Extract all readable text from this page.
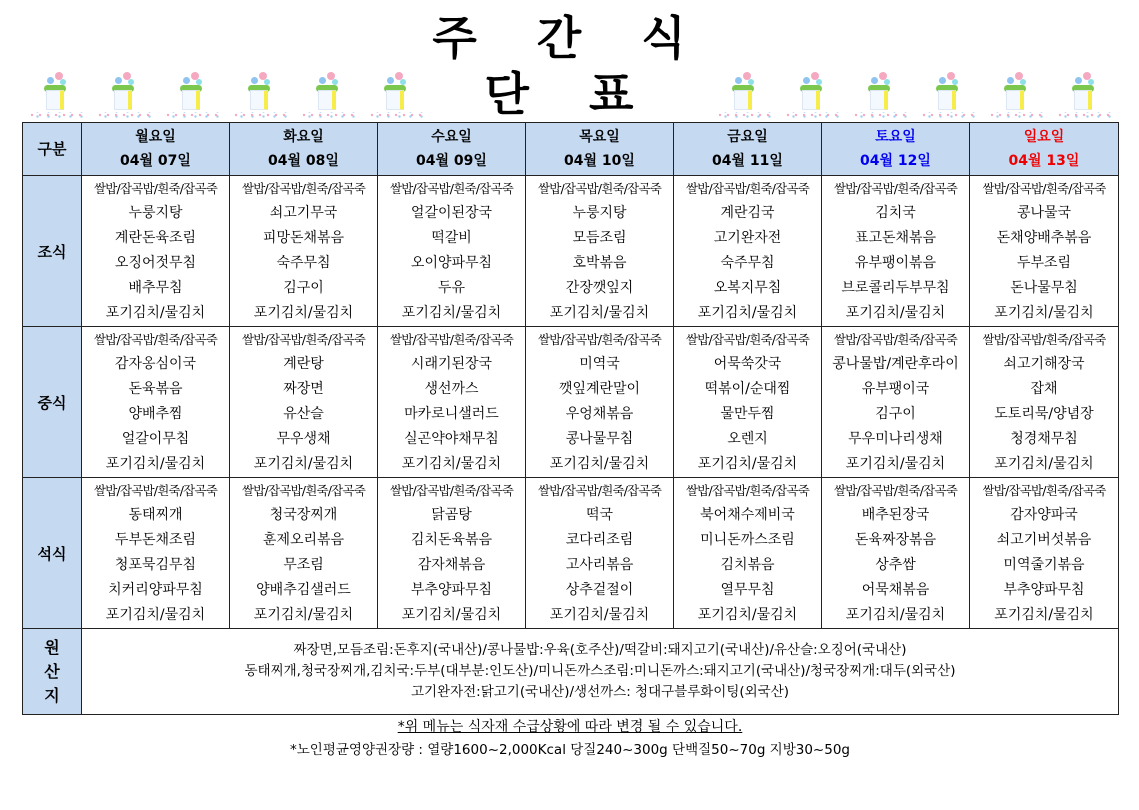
주 간 식 단 표
구분	
월요일
04월 07일

화요일
04월 08일

수요일
04월 09일

목요일
04월 10일

금요일
04월 11일

토요일
04월 12일

일요일
04월 13일

조식	
쌀밥/잡곡밥/흰죽/잡곡죽
누룽지탕
계란돈육조림
오징어젓무침
배추무침
포기김치/물김치

쌀밥/잡곡밥/흰죽/잡곡죽
쇠고기무국
피망돈채볶음
숙주무침
김구이
포기김치/물김치

쌀밥/잡곡밥/흰죽/잡곡죽
얼갈이된장국
떡갈비
오이양파무침
두유
포기김치/물김치

쌀밥/잡곡밥/흰죽/잡곡죽
누룽지탕
모듬조림
호박볶음
간장깻잎지
포기김치/물김치

쌀밥/잡곡밥/흰죽/잡곡죽
계란김국
고기완자전
숙주무침
오복지무침
포기김치/물김치

쌀밥/잡곡밥/흰죽/잡곡죽
김치국
표고돈채볶음
유부팽이볶음
브로콜리두부무침
포기김치/물김치

쌀밥/잡곡밥/흰죽/잡곡죽
콩나물국
돈채양배추볶음
두부조림
돈나물무침
포기김치/물김치

중식	
쌀밥/잡곡밥/흰죽/잡곡죽
감자옹심이국
돈육볶음
양배추찜
얼갈이무침
포기김치/물김치

쌀밥/잡곡밥/흰죽/잡곡죽
계란탕
짜장면
유산슬
무우생채
포기김치/물김치

쌀밥/잡곡밥/흰죽/잡곡죽
시래기된장국
생선까스
마카로니샐러드
실곤약야채무침
포기김치/물김치

쌀밥/잡곡밥/흰죽/잡곡죽
미역국
깻잎계란말이
우엉채볶음
콩나물무침
포기김치/물김치

쌀밥/잡곡밥/흰죽/잡곡죽
어묵쑥갓국
떡볶이/순대찜
물만두찜
오렌지
포기김치/물김치

쌀밥/잡곡밥/흰죽/잡곡죽
콩나물밥/계란후라이
유부팽이국
김구이
무우미나리생채
포기김치/물김치

쌀밥/잡곡밥/흰죽/잡곡죽
쇠고기해장국
잡채
도토리묵/양념장
청경채무침
포기김치/물김치

석식	
쌀밥/잡곡밥/흰죽/잡곡죽
동태찌개
두부돈채조림
청포묵김무침
치커리양파무침
포기김치/물김치

쌀밥/잡곡밥/흰죽/잡곡죽
청국장찌개
훈제오리볶음
무조림
양배추김샐러드
포기김치/물김치

쌀밥/잡곡밥/흰죽/잡곡죽
닭곰탕
김치돈육볶음
감자채볶음
부추양파무침
포기김치/물김치

쌀밥/잡곡밥/흰죽/잡곡죽
떡국
코다리조림
고사리볶음
상추겉절이
포기김치/물김치

쌀밥/잡곡밥/흰죽/잡곡죽
북어채수제비국
미니돈까스조림
김치볶음
열무무침
포기김치/물김치

쌀밥/잡곡밥/흰죽/잡곡죽
배추된장국
돈육짜장볶음
상추쌈
어묵채볶음
포기김치/물김치

쌀밥/잡곡밥/흰죽/잡곡죽
감자양파국
쇠고기버섯볶음
미역줄기볶음
부추양파무침
포기김치/물김치

원
산
지

짜장면,모듬조림:돈후지(국내산)/콩나물밥:우육(호주산)/떡갈비:돼지고기(국내산)/유산슬:오징어(국내산)
동태찌개,청국장찌개,김치국:두부(대부분:인도산)/미니돈까스조림:미니돈까스:돼지고기(국내산)/청국장찌개:대두(외국산)
고기완자전:닭고기(국내산)/생선까스: 청대구블루화이팅(외국산)
*위 메뉴는 식자재 수급상황에 따라 변경 될 수 있습니다.
*노인평균영양권장량 : 열량1600~2,000Kcal 당질240~300g 단백질50~70g 지방30~50g
